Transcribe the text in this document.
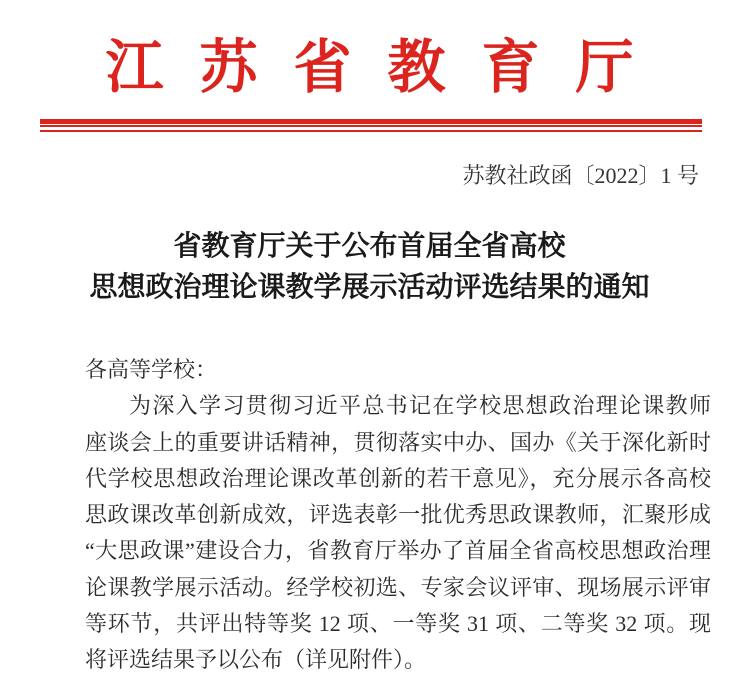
江苏省教育厅
苏教社政函〔2022〕1 号
省教育厅关于公布首届全省高校
思想政治理论课教学展示活动评选结果的通知
各高等学校：
为深入学习贯彻习近平总书记在学校思想政治理论课教师
座谈会上的重要讲话精神，贯彻落实中办、国办《关于深化新时
代学校思想政治理论课改革创新的若干意见》，充分展示各高校
思政课改革创新成效，评选表彰一批优秀思政课教师，汇聚形成
“大思政课”建设合力，省教育厅举办了首届全省高校思想政治理
论课教学展示活动。经学校初选、专家会议评审、现场展示评审
等环节，共评出特等奖 12 项、一等奖 31 项、二等奖 32 项。现
将评选结果予以公布（详见附件）。
